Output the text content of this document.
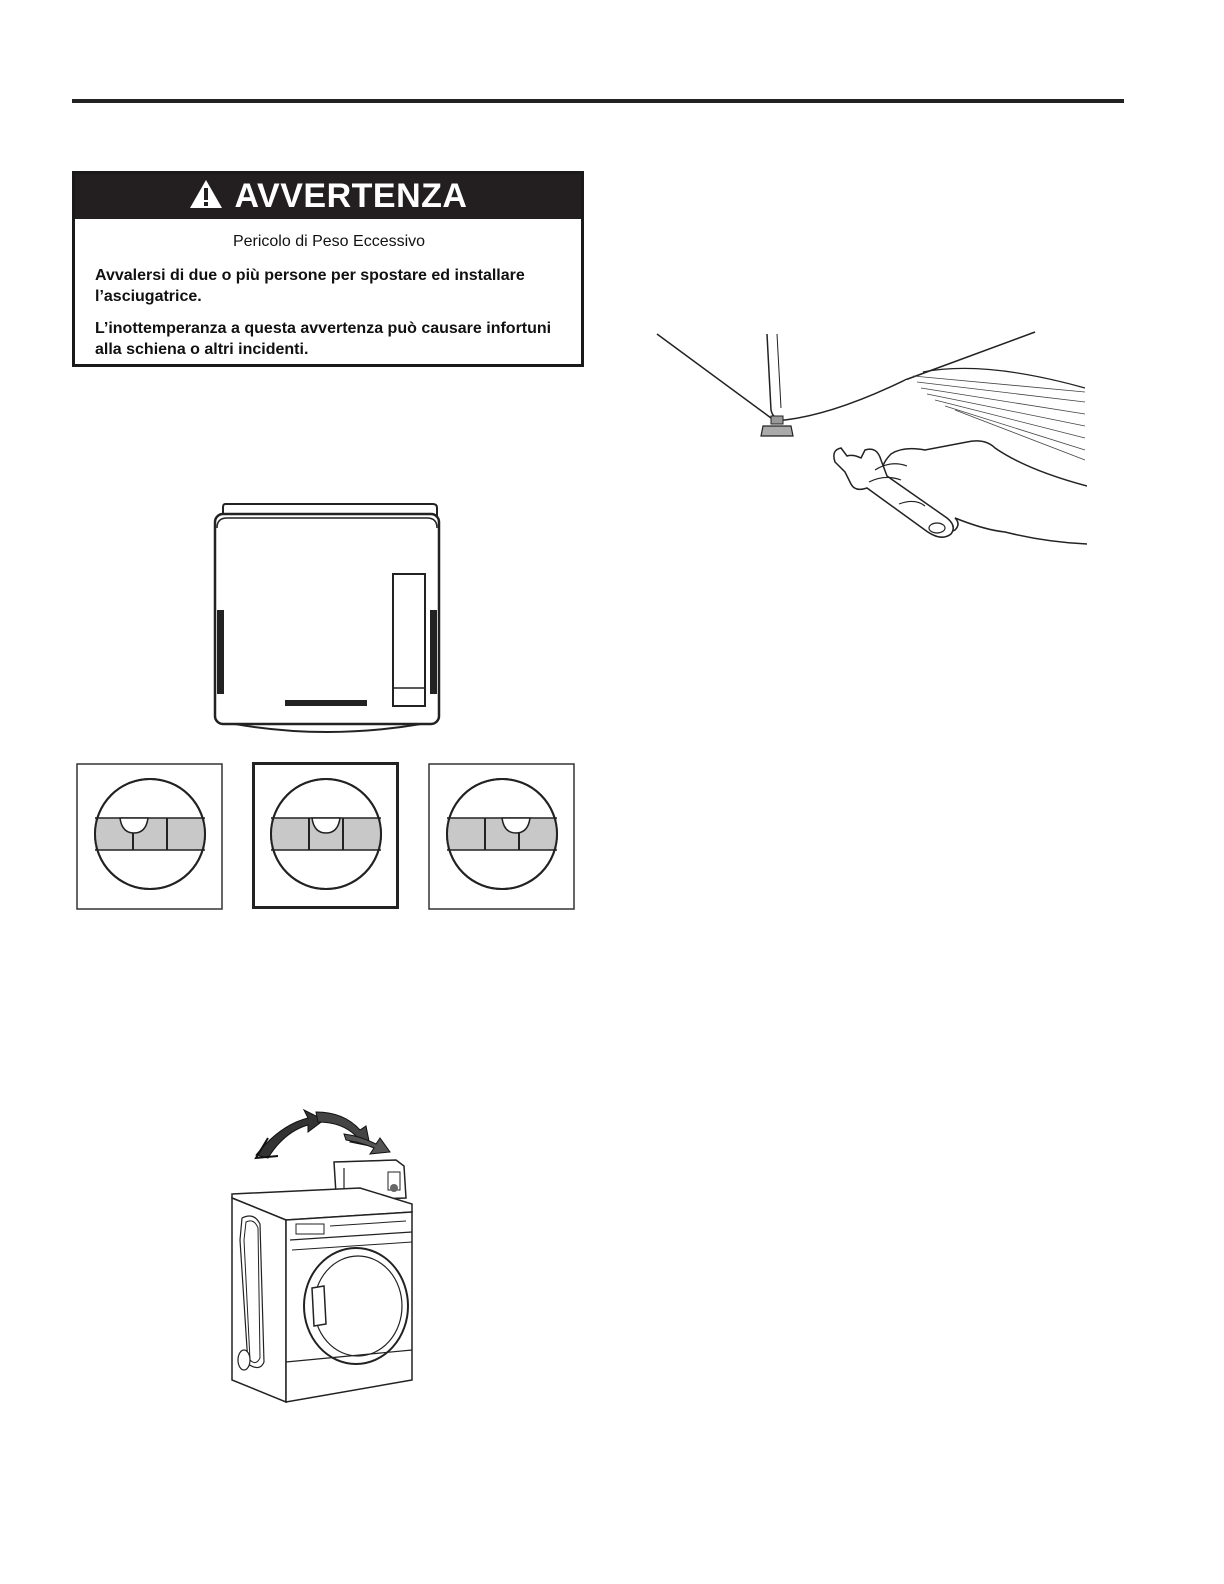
AVVERTENZA
Pericolo di Peso Eccessivo

Avvalersi di due o più persone per spostare ed installare l’asciugatrice.

L’inottemperanza a questa avvertenza può causare infortuni alla schiena o altri incidenti.
